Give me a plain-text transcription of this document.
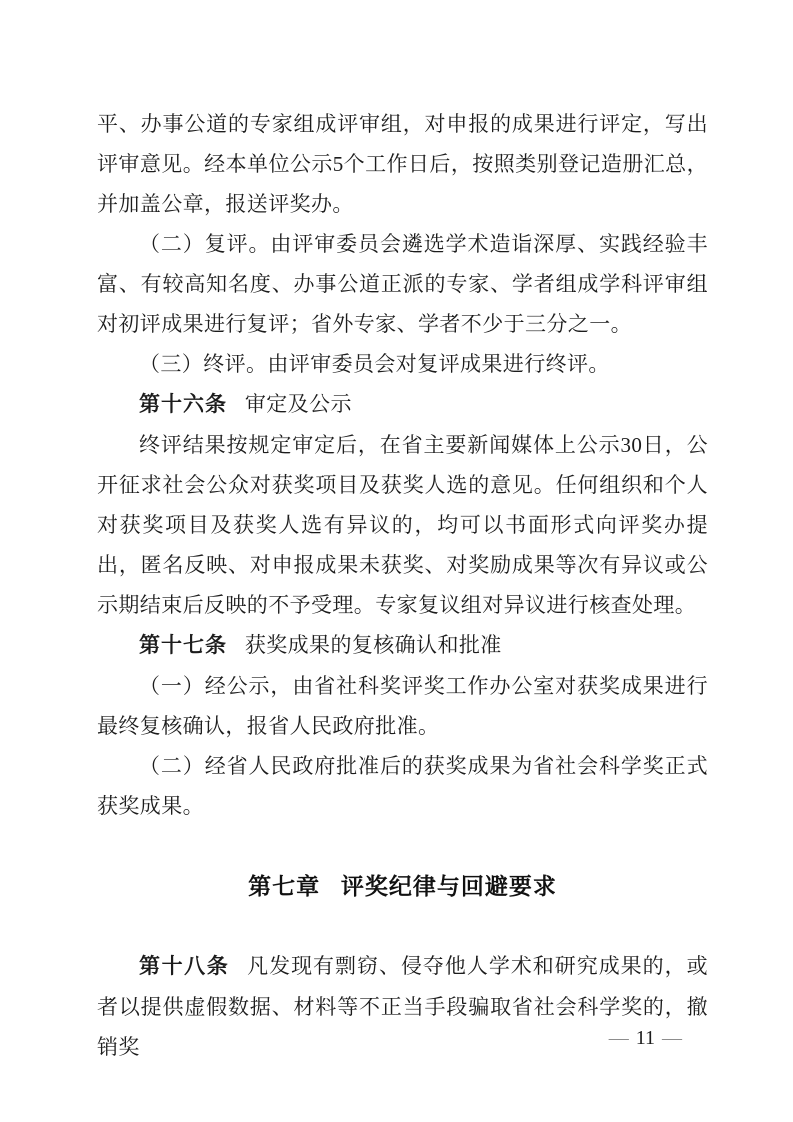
平、办事公道的专家组成评审组，对申报的成果进行评定，写出评审意见。经本单位公示5个工作日后，按照类别登记造册汇总，并加盖公章，报送评奖办。

（二）复评。由评审委员会遴选学术造诣深厚、实践经验丰富、有较高知名度、办事公道正派的专家、学者组成学科评审组对初评成果进行复评；省外专家、学者不少于三分之一。

（三）终评。由评审委员会对复评成果进行终评。

第十六条 审定及公示

终评结果按规定审定后，在省主要新闻媒体上公示30日，公开征求社会公众对获奖项目及获奖人选的意见。任何组织和个人对获奖项目及获奖人选有异议的，均可以书面形式向评奖办提出，匿名反映、对申报成果未获奖、对奖励成果等次有异议或公示期结束后反映的不予受理。专家复议组对异议进行核查处理。

第十七条 获奖成果的复核确认和批准

（一）经公示，由省社科奖评奖工作办公室对获奖成果进行最终复核确认，报省人民政府批准。

（二）经省人民政府批准后的获奖成果为省社会科学奖正式获奖成果。

第七章 评奖纪律与回避要求

第十八条 凡发现有剽窃、侵夺他人学术和研究成果的，或者以提供虚假数据、材料等不正当手段骗取省社会科学奖的，撤销奖	— 11 —
